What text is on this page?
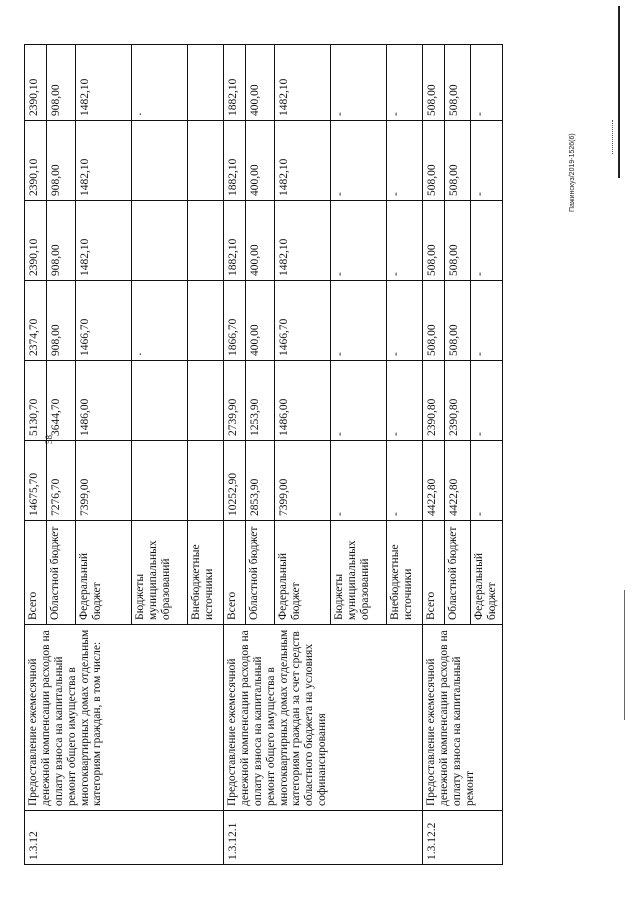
58
Пажинскуз/2019-1526(6)
1.3.12	Предоставление ежемесячной денежной компенсации расходов на оплату взноса на капитальный ремонт общего имущества в многоквартирных домах отдельным категориям граждан, в том числе:	Всего	14675,70	5130,70	2374,70	2390,10	2390,10	2390,10
		Областной бюджет	7276,70	3644,70	908,00	908,00	908,00	908,00
		Федеральный бюджет	7399,00	1486,00	1466,70	1482,10	1482,10	1482,10
		Бюджеты муниципальных образований			·			·
		Внебюджетные источники						
1.3.12.1	Предоставление ежемесячной денежной компенсации расходов на оплату взноса на капитальный ремонт общего имущества в многоквартирных домах отдельным категориям граждан за счет средств областного бюджета на условиях софинансирования	Всего	10252,90	2739,90	1866,70	1882,10	1882,10	1882,10
		Областной бюджет	2853,90	1253,90	400,00	400,00	400,00	400,00
		Федеральный бюджет	7399,00	1486,00	1466,70	1482,10	1482,10	1482,10
		Бюджеты муниципальных образований	-	-	-	-	-	-
		Внебюджетные источники	-	-	-	-	-	-
1.3.12.2	Предоставление ежемесячной денежной компенсации расходов на оплату взноса на капитальный ремонт	Всего	4422,80	2390,80	508,00	508,00	508,00	508,00
		Областной бюджет	4422,80	2390,80	508,00	508,00	508,00	508,00
		Федеральный бюджет	-	-	-	-	-	-
